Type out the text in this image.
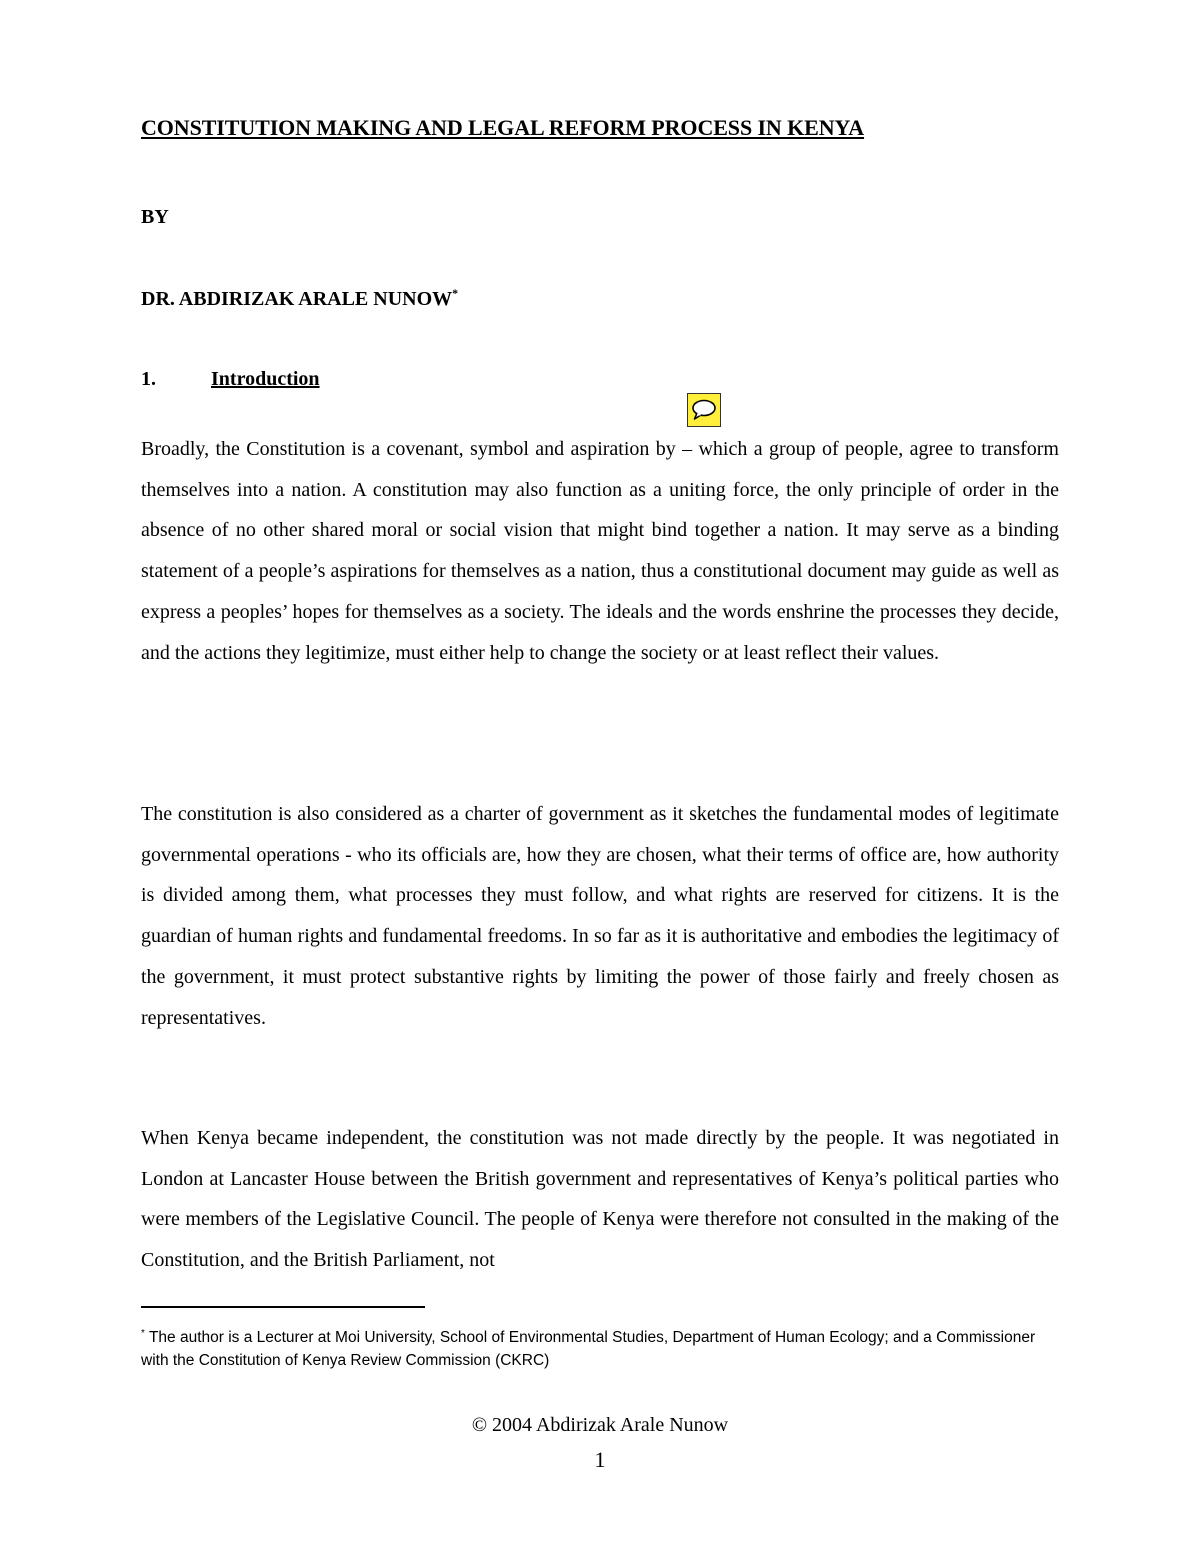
CONSTITUTION MAKING AND LEGAL REFORM PROCESS IN KENYA
BY
DR. ABDIRIZAK ARALE NUNOW*
1.	Introduction

Broadly, the Constitution is a covenant, symbol and aspiration by – which a group of people, agree to transform themselves into a nation. A constitution may also function as a uniting force, the only principle of order in the absence of no other shared moral or social vision that might bind together a nation. It may serve as a binding statement of a people’s aspirations for themselves as a nation, thus a constitutional document may guide as well as express a peoples’ hopes for themselves as a society. The ideals and the words enshrine the processes they decide, and the actions they legitimize, must either help to change the society or at least reflect their values.

The constitution is also considered as a charter of government as it sketches the fundamental modes of legitimate governmental operations - who its officials are, how they are chosen, what their terms of office are, how authority is divided among them, what processes they must follow, and what rights are reserved for citizens. It is the guardian of human rights and fundamental freedoms. In so far as it is authoritative and embodies the legitimacy of the government, it must protect substantive rights by limiting the power of those fairly and freely chosen as representatives.

When Kenya became independent, the constitution was not made directly by the people. It was negotiated in London at Lancaster House between the British government and representatives of Kenya’s political parties who were members of the Legislative Council. The people of Kenya were therefore not consulted in the making of the Constitution, and the British Parliament, not

* The author is a Lecturer at Moi University, School of Environmental Studies, Department of Human Ecology; and a Commissioner with the Constitution of Kenya Review Commission (CKRC)

© 2004 Abdirizak Arale Nunow
1
